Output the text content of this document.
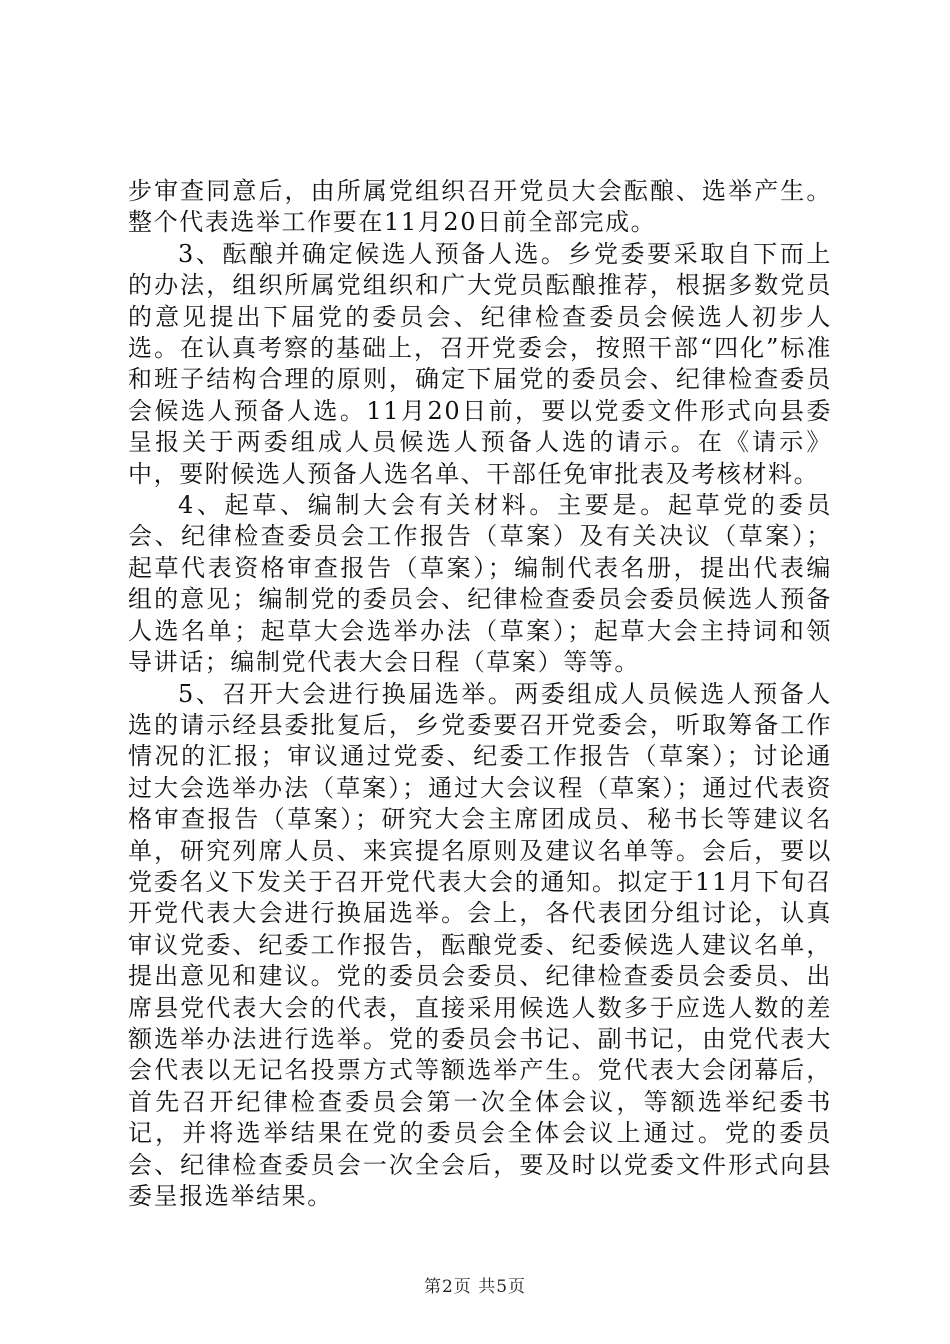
步审查同意后，由所属党组织召开党员大会酝酿、选举产生。整个代表选举工作要在11月20日前全部完成。

3、酝酿并确定候选人预备人选。乡党委要采取自下而上的办法，组织所属党组织和广大党员酝酿推荐，根据多数党员的意见提出下届党的委员会、纪律检查委员会候选人初步人选。在认真考察的基础上，召开党委会，按照干部“四化”标准和班子结构合理的原则，确定下届党的委员会、纪律检查委员会候选人预备人选。11月20日前，要以党委文件形式向县委呈报关于两委组成人员候选人预备人选的请示。在《请示》中，要附候选人预备人选名单、干部任免审批表及考核材料。

4、起草、编制大会有关材料。主要是。起草党的委员会、纪律检查委员会工作报告（草案）及有关决议（草案）；起草代表资格审查报告（草案）；编制代表名册，提出代表编组的意见；编制党的委员会、纪律检查委员会委员候选人预备人选名单；起草大会选举办法（草案）；起草大会主持词和领导讲话；编制党代表大会日程（草案）等等。

5、召开大会进行换届选举。两委组成人员候选人预备人选的请示经县委批复后，乡党委要召开党委会，听取筹备工作情况的汇报；审议通过党委、纪委工作报告（草案）；讨论通过大会选举办法（草案）；通过大会议程（草案）；通过代表资格审查报告（草案）；研究大会主席团成员、秘书长等建议名单，研究列席人员、来宾提名原则及建议名单等。会后，要以党委名义下发关于召开党代表大会的通知。拟定于11月下旬召开党代表大会进行换届选举。会上，各代表团分组讨论，认真审议党委、纪委工作报告，酝酿党委、纪委候选人建议名单，提出意见和建议。党的委员会委员、纪律检查委员会委员、出席县党代表大会的代表，直接采用候选人数多于应选人数的差额选举办法进行选举。党的委员会书记、副书记，由党代表大会代表以无记名投票方式等额选举产生。党代表大会闭幕后，首先召开纪律检查委员会第一次全体会议，等额选举纪委书记，并将选举结果在党的委员会全体会议上通过。党的委员会、纪律检查委员会一次全会后，要及时以党委文件形式向县委呈报选举结果。

第2页 共5页
